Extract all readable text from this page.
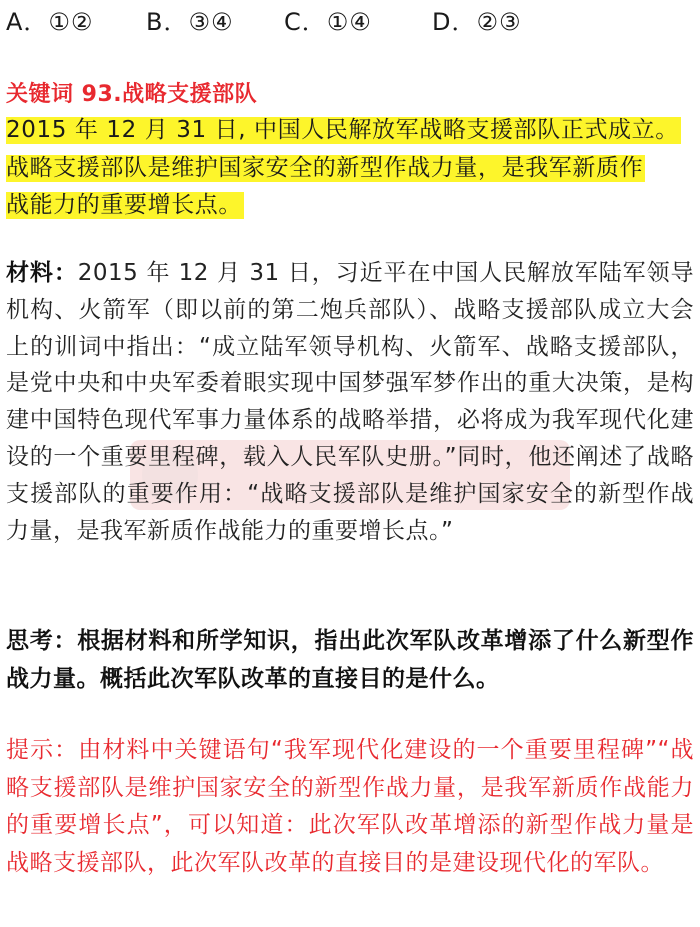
A．①② B．③④ C．①④	D．②③
关键词 93.战略支援部队
2015 年 12 月 31 日, 中国人民解放军战略支援部队正式成立。
战略支援部队是维护国家安全的新型作战力量，是我军新质作
战能力的重要增长点。
材料：2015 年 12 月 31 日，习近平在中国人民解放军陆军领导机构、火箭军（即以前的第二炮兵部队）、战略支援部队成立大会上的训词中指出：“成立陆军领导机构、火箭军、战略支援部队，是党中央和中央军委着眼实现中国梦强军梦作出的重大决策，是构建中国特色现代军事力量体系的战略举措，必将成为我军现代化建设的一个重要里程碑，载入人民军队史册。”同时，他还阐述了战略支援部队的重要作用：“战略支援部队是维护国家安全的新型作战力量，是我军新质作战能力的重要增长点。”
思考：根据材料和所学知识，指出此次军队改革增添了什么新型作战力量。概括此次军队改革的直接目的是什么。
提示：由材料中关键语句“我军现代化建设的一个重要里程碑”“战略支援部队是维护国家安全的新型作战力量，是我军新质作战能力的重要增长点”，可以知道：此次军队改革增添的新型作战力量是战略支援部队，此次军队改革的直接目的是建设现代化的军队。
